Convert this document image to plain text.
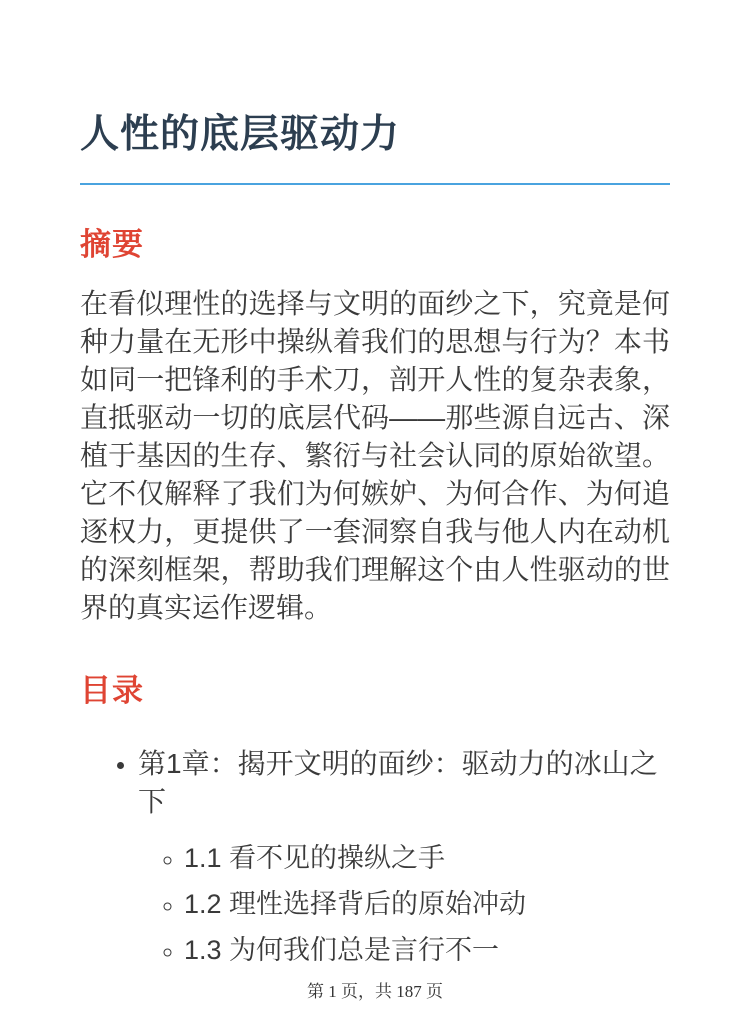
人性的底层驱动力
摘要

在看似理性的选择与文明的面纱之下，究竟是何种力量在无形中操纵着我们的思想与行为？本书如同一把锋利的手术刀，剖开人性的复杂表象，直抵驱动一切的底层代码——那些源自远古、深植于基因的生存、繁衍与社会认同的原始欲望。它不仅解释了我们为何嫉妒、为何合作、为何追逐权力，更提供了一套洞察自我与他人内在动机的深刻框架，帮助我们理解这个由人性驱动的世界的真实运作逻辑。

目录
• 第1章：揭开文明的面纱：驱动力的冰山之下
◦ 1.1 看不见的操纵之手
◦ 1.2 理性选择背后的原始冲动
◦ 1.3 为何我们总是言行不一
第 1 页，共 187 页
